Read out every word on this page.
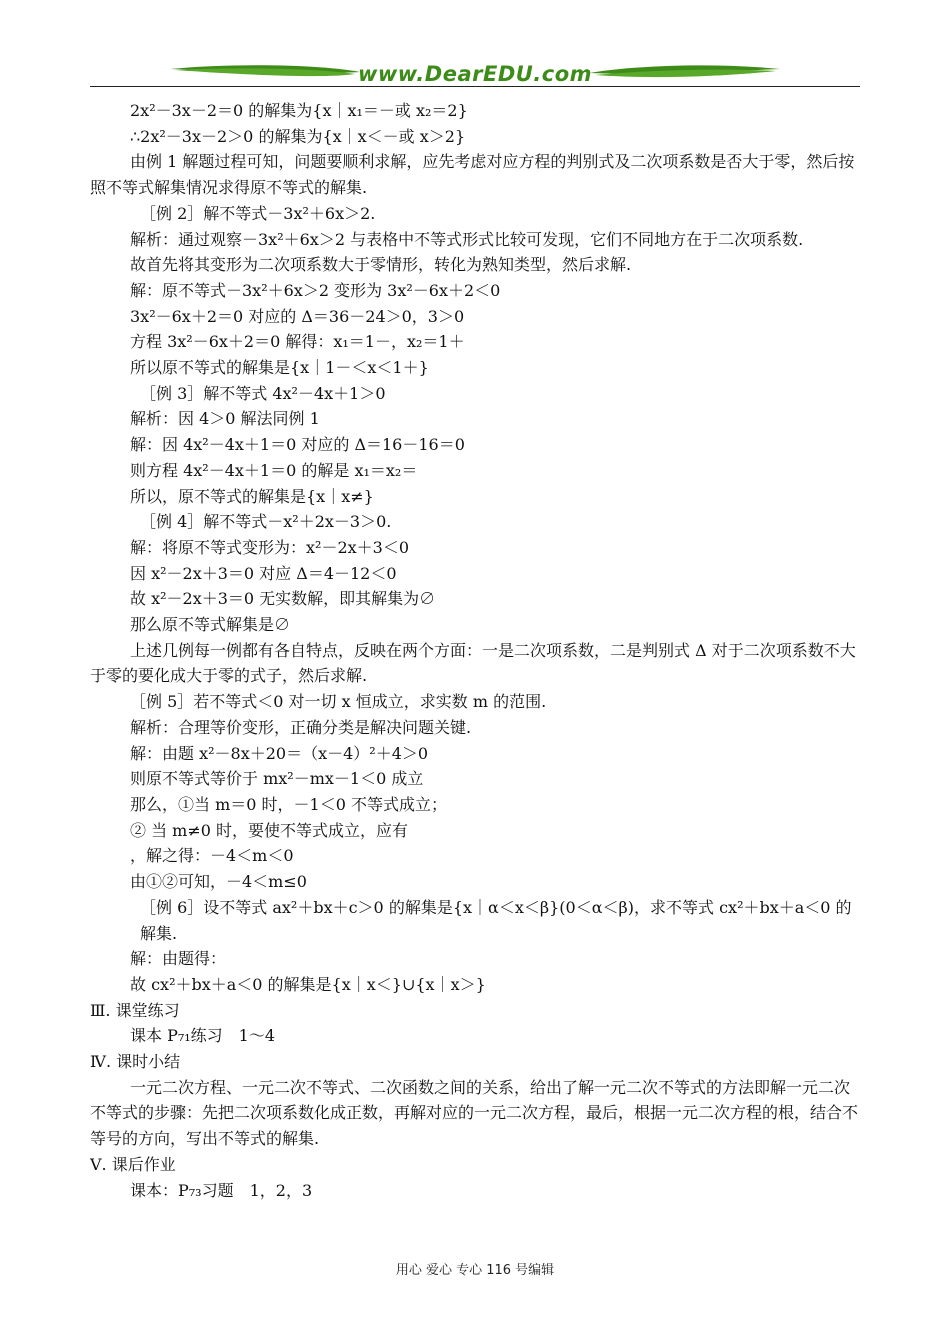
www.DearEDU.com

2x²－3x－2＝0 的解集为{x｜x₁＝－或 x₂＝2}

∴2x²－3x－2＞0 的解集为{x｜x＜－或 x＞2}

由例 1 解题过程可知，问题要顺利求解，应先考虑对应方程的判别式及二次项系数是否大于零，然后按照不等式解集情况求得原不等式的解集.

［例 2］解不等式－3x²＋6x＞2.

解析：通过观察－3x²＋6x＞2 与表格中不等式形式比较可发现，它们不同地方在于二次项系数.

故首先将其变形为二次项系数大于零情形，转化为熟知类型，然后求解.

解：原不等式－3x²＋6x＞2 变形为 3x²－6x＋2＜0

3x²－6x＋2＝0 对应的 Δ＝36－24＞0，3＞0

方程 3x²－6x＋2＝0 解得：x₁＝1－，x₂＝1＋

所以原不等式的解集是{x｜1－＜x＜1＋}

［例 3］解不等式 4x²－4x＋1＞0

解析：因 4＞0 解法同例 1

解：因 4x²－4x＋1＝0 对应的 Δ＝16－16＝0

则方程 4x²－4x＋1＝0 的解是 x₁＝x₂＝

所以，原不等式的解集是{x｜x≠}

［例 4］解不等式－x²＋2x－3＞0.

解：将原不等式变形为：x²－2x＋3＜0

因 x²－2x＋3＝0 对应 Δ＝4－12＜0

故 x²－2x＋3＝0 无实数解，即其解集为∅

那么原不等式解集是∅

上述几例每一例都有各自特点，反映在两个方面：一是二次项系数，二是判别式 Δ 对于二次项系数不大于零的要化成大于零的式子，然后求解.

［例 5］若不等式＜0 对一切 x 恒成立，求实数 m 的范围.

解析：合理等价变形，正确分类是解决问题关键.

解：由题 x²－8x＋20＝（x－4）²＋4＞0

则原不等式等价于 mx²－mx－1＜0 成立

那么，①当 m＝0 时，－1＜0 不等式成立；

② 当 m≠0 时，要使不等式成立，应有

，解之得：－4＜m＜0

由①②可知，－4＜m≤0

［例 6］设不等式 ax²＋bx＋c＞0 的解集是{x｜α＜x＜β}(0＜α＜β)，求不等式 cx²＋bx＋a＜0 的解集.

解：由题得：

故 cx²＋bx＋a＜0 的解集是{x｜x＜}∪{x｜x＞}

Ⅲ. 课堂练习

课本 P₇₁练习　1～4

Ⅳ. 课时小结

一元二次方程、一元二次不等式、二次函数之间的关系，给出了解一元二次不等式的方法即解一元二次不等式的步骤：先把二次项系数化成正数，再解对应的一元二次方程，最后，根据一元二次方程的根，结合不等号的方向，写出不等式的解集.

Ⅴ. 课后作业

课本：P₇₃习题　1，2，3

用心 爱心 专心 116 号编辑
